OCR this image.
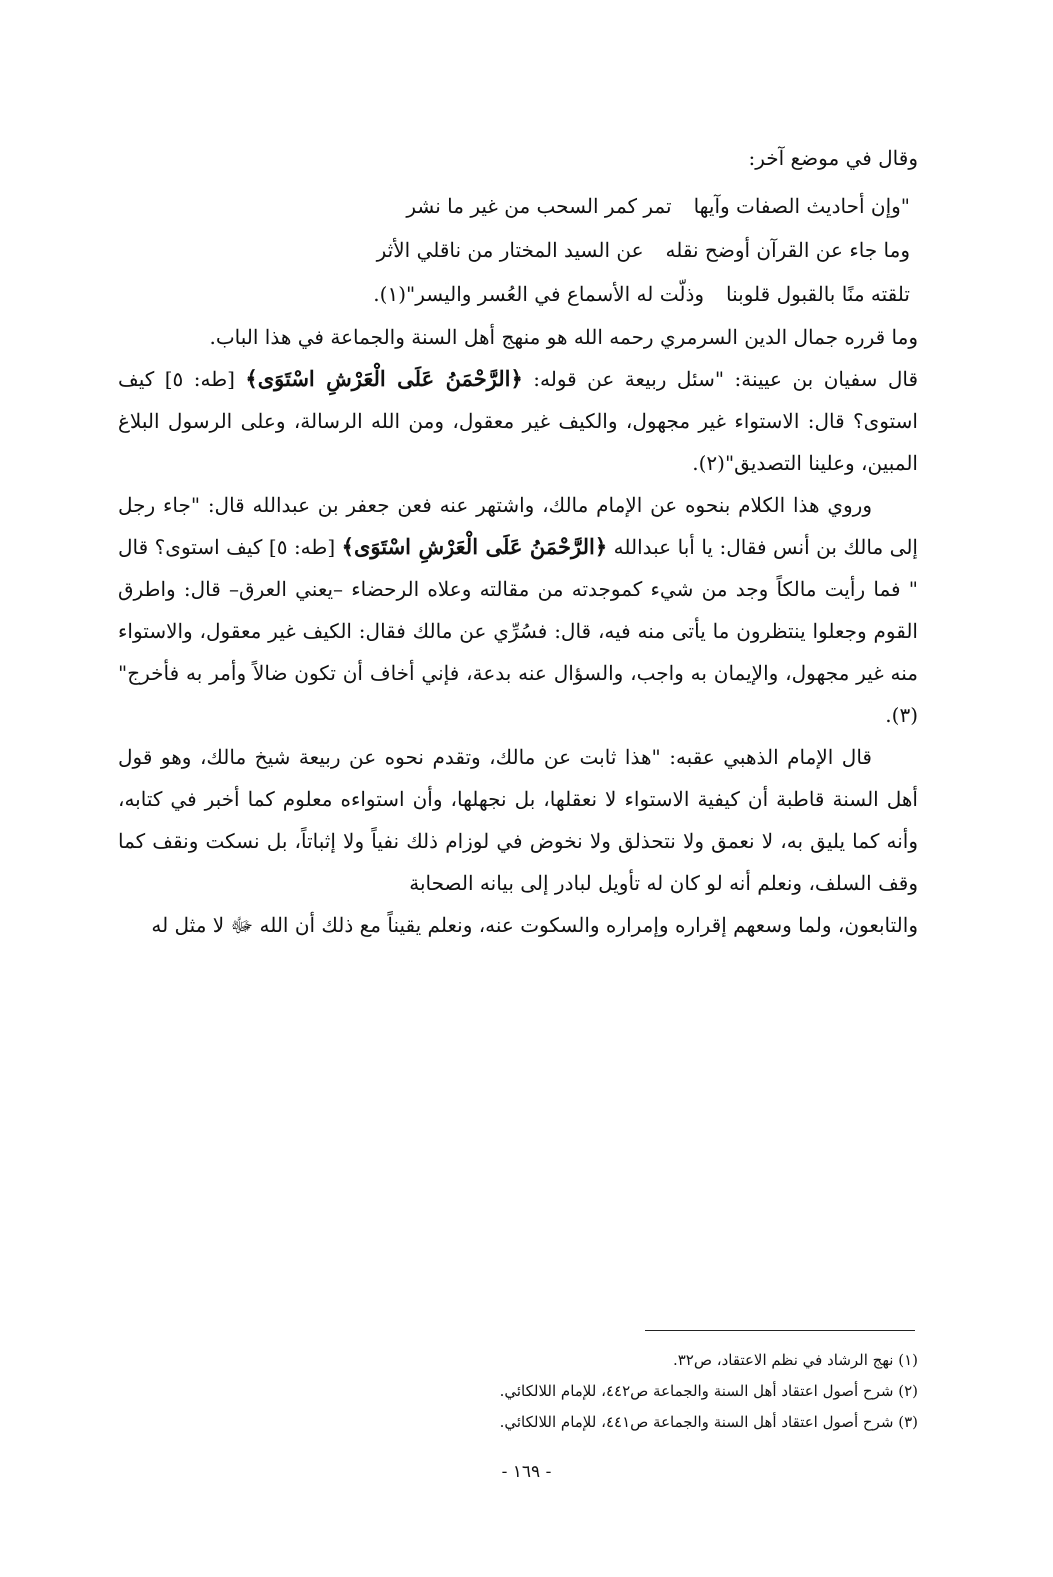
وقال في موضع آخر:
"وإن أحاديث الصفات وآيها
تمر كمر السحب من غير ما نشر
وما جاء عن القرآن أوضح نقله
عن السيد المختار من ناقلي الأثر
تلقته منًا بالقبول قلوبنا
وذلّت له الأسماع في العُسر واليسر"(١).

وما قرره جمال الدين السرمري رحمه الله هو منهج أهل السنة والجماعة في هذا الباب.

قال سفيان بن عيينة: "سئل ربيعة عن قوله: ﴿الرَّحْمَنُ عَلَى الْعَرْشِ اسْتَوَى﴾ [طه: ٥] كيف استوى؟ قال: الاستواء غير مجهول، والكيف غير معقول، ومن الله الرسالة، وعلى الرسول البلاغ المبين، وعلينا التصديق"(٢).

وروي هذا الكلام بنحوه عن الإمام مالك، واشتهر عنه فعن جعفر بن عبدالله قال: "جاء رجل إلى مالك بن أنس فقال: يا أبا عبدالله ﴿الرَّحْمَنُ عَلَى الْعَرْشِ اسْتَوَى﴾ [طه: ٥] كيف استوى؟ قال " فما رأيت مالكاً وجد من شيء كموجدته من مقالته وعلاه الرحضاء –يعني العرق– قال: واطرق القوم وجعلوا ينتظرون ما يأتى منه فيه، قال: فسُرِّي عن مالك فقال: الكيف غير معقول، والاستواء منه غير مجهول، والإيمان به واجب، والسؤال عنه بدعة، فإني أخاف أن تكون ضالاً وأمر به فأخرج"(٣).

قال الإمام الذهبي عقبه: "هذا ثابت عن مالك، وتقدم نحوه عن ربيعة شيخ مالك، وهو قول أهل السنة قاطبة أن كيفية الاستواء لا نعقلها، بل نجهلها، وأن استواءه معلوم كما أخبر في كتابه، وأنه كما يليق به، لا نعمق ولا نتحذلق ولا نخوض في لوزام ذلك نفياً ولا إثباتاً، بل نسكت ونقف كما وقف السلف، ونعلم أنه لو كان له تأويل لبادر إلى بيانه الصحابة

والتابعون، ولما وسعهم إقراره وإمراره والسكوت عنه، ونعلم يقيناً مع ذلك أن الله ﷻ لا مثل له

(١) نهج الرشاد في نظم الاعتقاد، ص٣٢.
(٢) شرح أصول اعتقاد أهل السنة والجماعة ص٤٤٢، للإمام اللالكائي.
(٣) شرح أصول اعتقاد أهل السنة والجماعة ص٤٤١، للإمام اللالكائي.
- ١٦٩ -
